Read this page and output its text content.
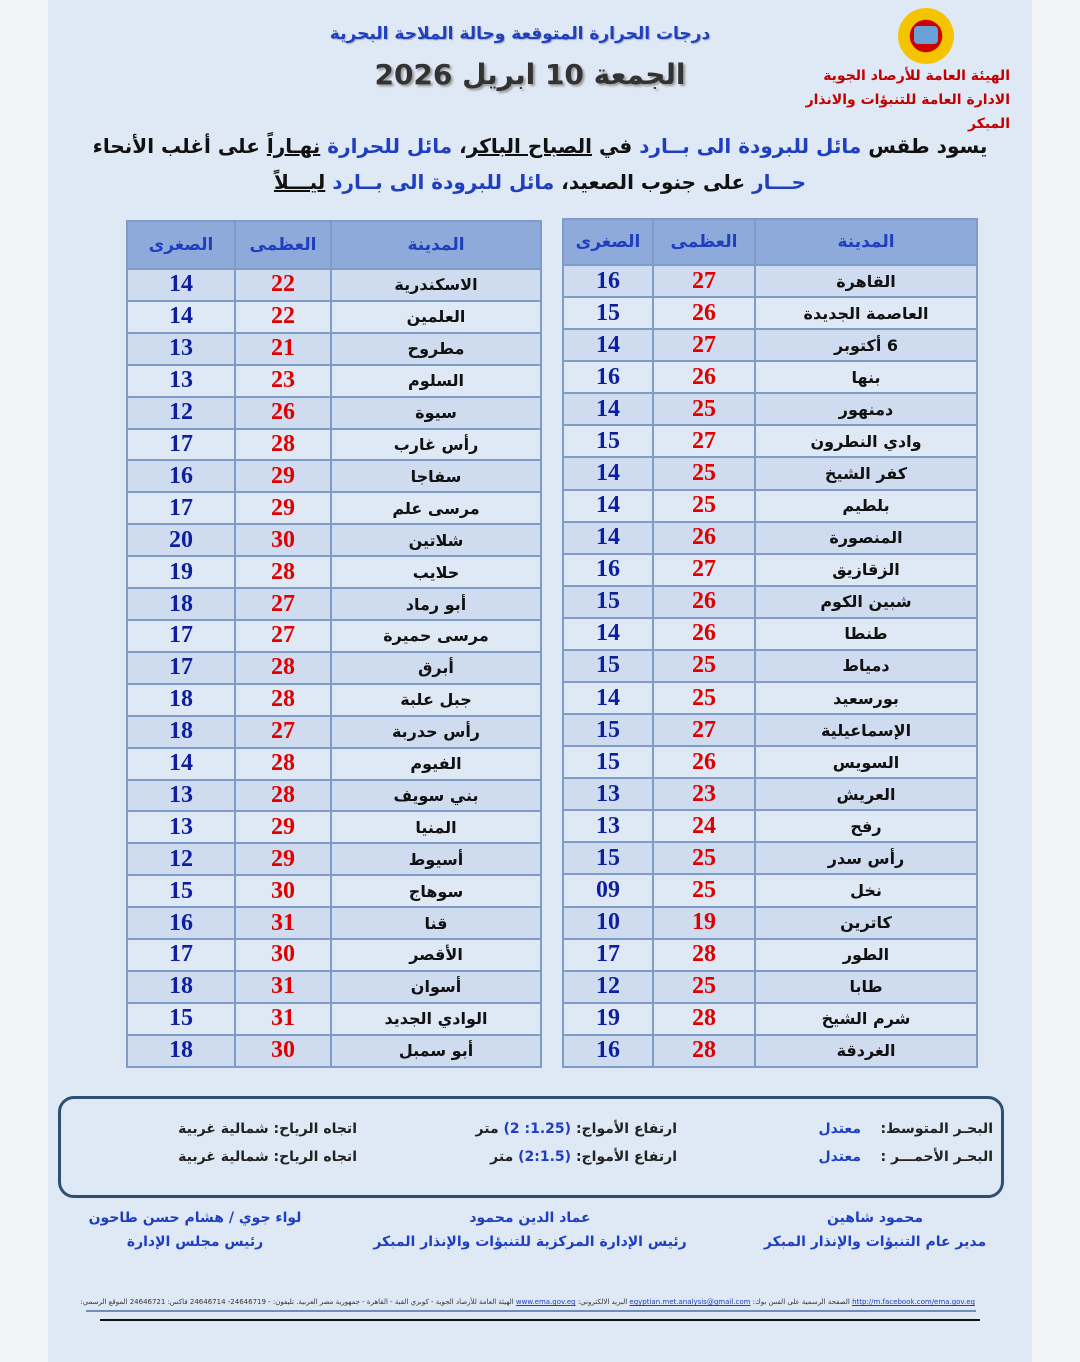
درجات الحرارة المتوقعة وحالة الملاحة البحرية
الجمعة 10 ابريل 2026	الهيئة العامة للأرصاد الجوية
الادارة العامة للتنبؤات والانذار المبكر
يسود طقس مائل للبرودة الى بــارد في الصباح الباكر، مائل للحرارة نهـاراً على أغلب الأنحاء
حـــار على جنوب الصعيد، مائل للبرودة الى بــارد ليـــلاً
المدينة	العظمى	الصغرى
القاهرة	27	16
العاصمة الجديدة	26	15
6 أكتوبر	27	14
بنها	26	16
دمنهور	25	14
وادي النطرون	27	15
كفر الشيخ	25	14
بلطيم	25	14
المنصورة	26	14
الزقازيق	27	16
شبين الكوم	26	15
طنطا	26	14
دمياط	25	15
بورسعيد	25	14
الإسماعيلية	27	15
السويس	26	15
العريش	23	13
رفح	24	13
رأس سدر	25	15
نخل	25	09
كاترين	19	10
الطور	28	17
طابا	25	12
شرم الشيخ	28	19
الغردقة	28	16
المدينة	العظمى	الصغرى
الاسكندرية	22	14
العلمين	22	14
مطروح	21	13
السلوم	23	13
سيوة	26	12
رأس غارب	28	17
سفاجا	29	16
مرسى علم	29	17
شلاتين	30	20
حلايب	28	19
أبو رماد	27	18
مرسى حميرة	27	17
أبرق	28	17
جبل علبة	28	18
رأس حدربة	27	18
الفيوم	28	14
بني سويف	28	13
المنيا	29	13
أسيوط	29	12
سوهاج	30	15
قنا	31	16
الأقصر	30	17
أسوان	31	18
الوادي الجديد	31	15
أبو سمبل	30	18
البحـر المتوسط:
معتدل
ارتفاع الأمواج: (1.25: 2) متر
اتجاه الرياح: شمالية غربية
البحـر الأحمـــر :
معتدل
ارتفاع الأمواج: (2:1.5) متر
اتجاه الرياح: شمالية غربية
محمود شاهين
مدير عام التنبؤات والإنذار المبكر
عماد الدين محمود
رئيس الإدارة المركزية للتنبؤات والإنذار المبكر
لواء جوي / هشام حسن طاحون
رئيس مجلس الإدارة
http://m.facebook.com/ema.gov.eg الصفحة الرسمية على الفس بوك: egyptian.met.analysis@gmail.com البريد الالكتروني: www.ema.gov.eg الهيئة العامة للأرصاد الجوية - كوبري القبة - القاهرة - جمهورية مصر العربية. تليفون: - 24646719- 24646714 فاكس: 24646721 الموقع الرسمي:
